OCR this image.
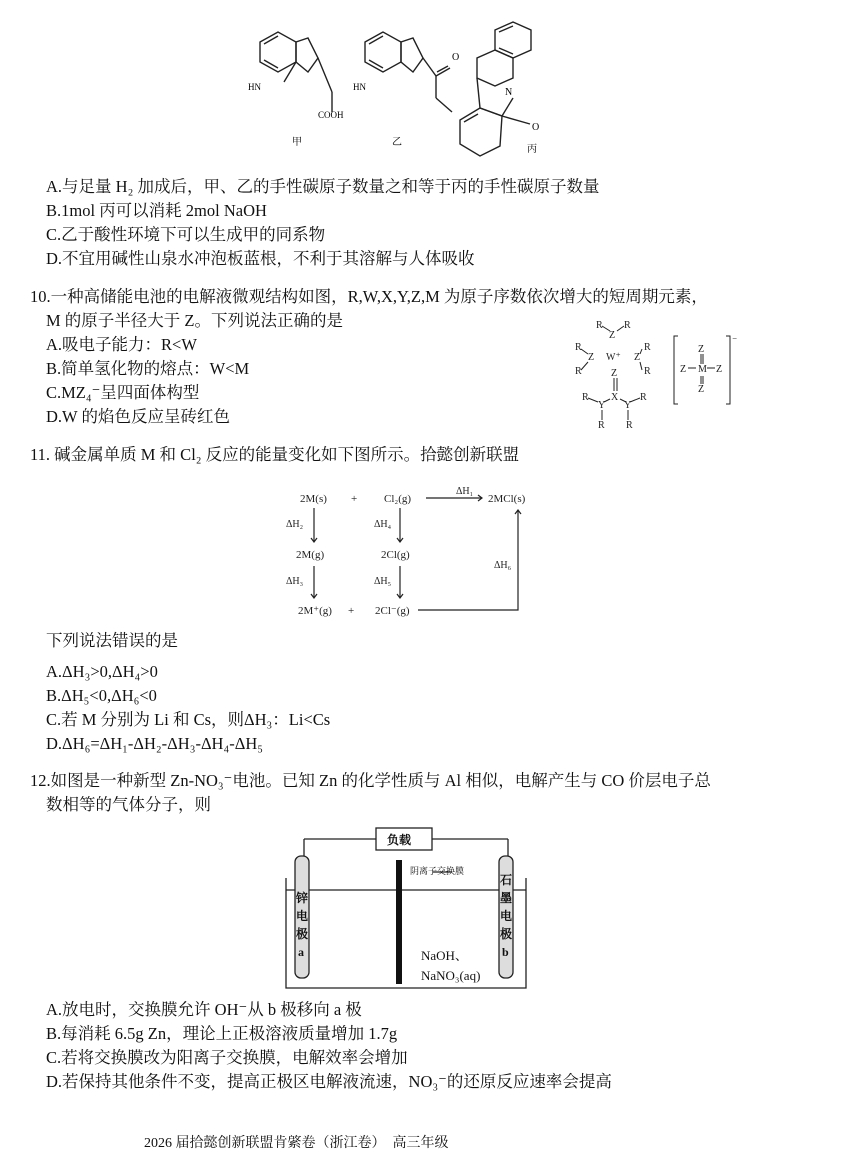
HN
COOH
HN
O
N
O
甲	乙
丙
A.与足量 H₂ 加成后，甲、乙的手性碳原子数量之和等于丙的手性碳原子数量
B.1mol 丙可以消耗 2mol NaOH
C.乙于酸性环境下可以生成甲的同系物
D.不宜用碱性山泉水冲泡板蓝根，不利于其溶解与人体吸收
10.一种高储能电池的电解液微观结构如图，R,W,X,Y,Z,M 为原子序数依次增大的短周期元素，
M 的原子半径大于 Z。下列说法正确的是
A.吸电子能力：R<W
B.简单氢化物的熔点：W<M
C.MZ₄⁻呈四面体构型
D.W 的焰色反应呈砖红色
R
Z
R
R
Z
R
W⁺
R
Z
R
Z
X
Y Y
R	R
R R
Z
Z M Z
Z
⁻
11. 碱金属单质 M 和 Cl₂ 反应的能量变化如下图所示。拾懿创新联盟
2M(s) + Cl₂(g)	2MCl(s)
2M(g)	2Cl(g)
2M⁺(g) + 2Cl⁻(g)
ΔH₁
ΔH₂
ΔH₃
ΔH₄
ΔH₅
ΔH₆
下列说法错误的是
A.ΔH₃>0,ΔH₄>0
B.ΔH₅<0,ΔH₆<0
C.若 M 分别为 Li 和 Cs，则ΔH₃：Li<Cs
D.ΔH₆=ΔH₁-ΔH₂-ΔH₃-ΔH₄-ΔH₅
12.如图是一种新型 Zn-NO₃⁻电池。已知 Zn 的化学性质与 Al 相似，电解产生与 CO 价层电子总
数相等的气体分子，则
负载
阴离子交换膜
锌
电
极
a
石
墨
电
极
b
NaOH、
NaNO₃(aq)
A.放电时，交换膜允许 OH⁻从 b 极移向 a 极
B.每消耗 6.5g Zn，理论上正极溶液质量增加 1.7g
C.若将交换膜改为阳离子交换膜，电解效率会增加
D.若保持其他条件不变，提高正极区电解液流速，NO₃⁻的还原反应速率会提高
2026 届拾懿创新联盟肯綮卷（浙江卷）　高三年级
